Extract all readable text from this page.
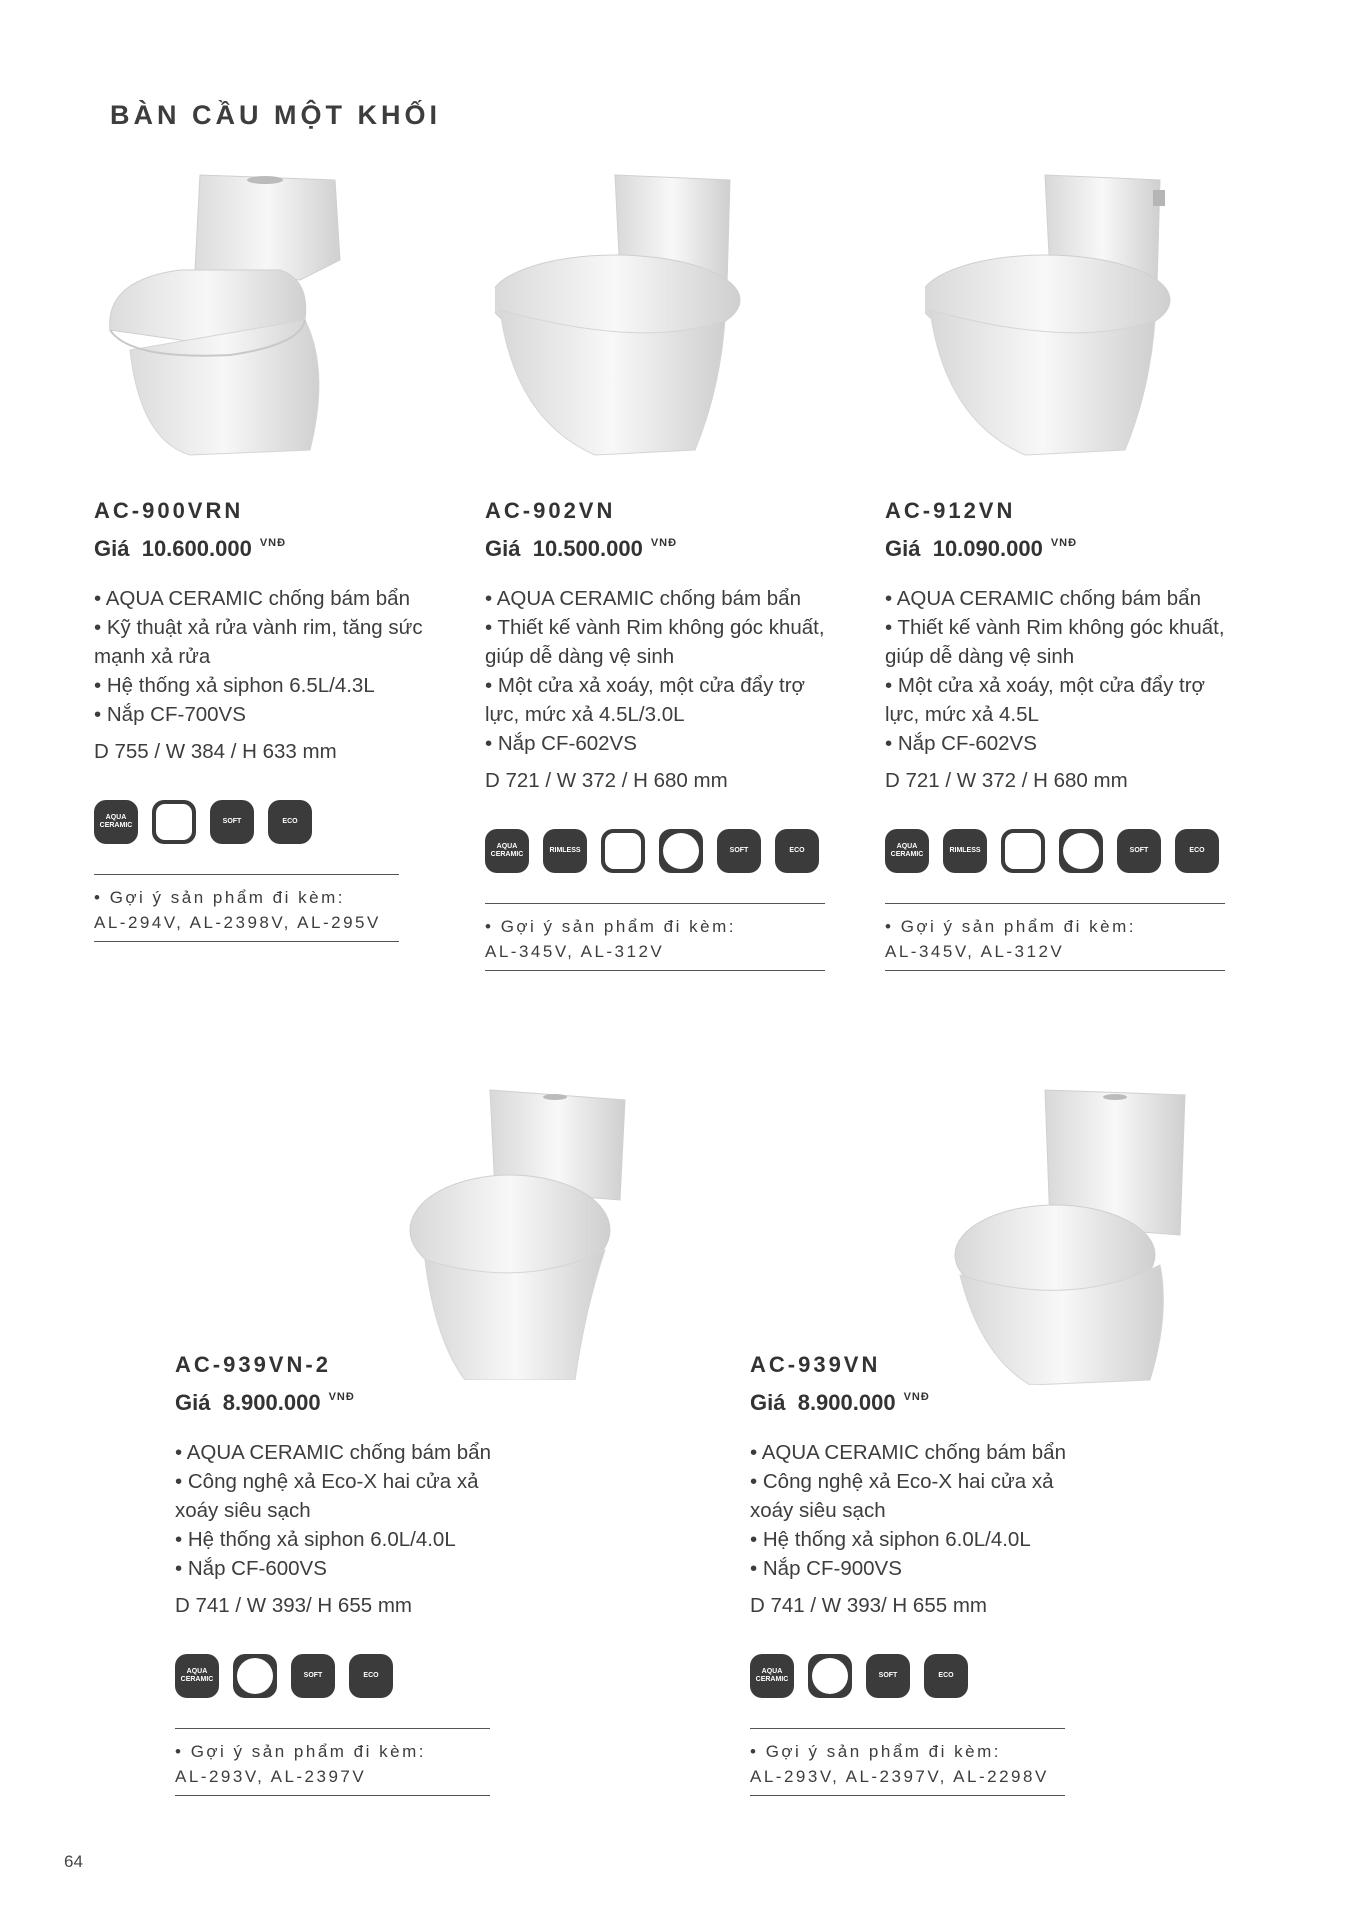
BÀN CẦU MỘT KHỐI

AC-900VRN

Giá 10.600.000 $^{VNĐ}$

• AQUA CERAMIC chống bám bẩn
• Kỹ thuật xả rửa vành rim, tăng sức mạnh xả rửa
• Hệ thống xả siphon 6.5L/4.3L
• Nắp CF-700VS

D 755 / W 384 / H 633 mm

AQUA
CERAMIC
SOFT	ECO
• Gợi ý sản phẩm đi kèm:
AL-294V, AL-2398V, AL-295V

AC-902VN

Giá 10.500.000 $^{VNĐ}$

• AQUA CERAMIC chống bám bẩn
• Thiết kế vành Rim không góc khuất, giúp dễ dàng vệ sinh
• Một cửa xả xoáy, một cửa đẩy trợ lực, mức xả 4.5L/3.0L
• Nắp CF-602VS

D 721 / W 372 / H 680 mm

AQUA
CERAMIC
RIMLESS	SOFT	ECO
• Gợi ý sản phẩm đi kèm:
AL-345V, AL-312V

AC-912VN

Giá 10.090.000 $^{VNĐ}$

• AQUA CERAMIC chống bám bẩn
• Thiết kế vành Rim không góc khuất, giúp dễ dàng vệ sinh
• Một cửa xả xoáy, một cửa đẩy trợ lực, mức xả 4.5L
• Nắp CF-602VS

D 721 / W 372 / H 680 mm

AQUA
CERAMIC
RIMLESS	SOFT	ECO
• Gợi ý sản phẩm đi kèm:
AL-345V, AL-312V

AC-939VN-2

Giá 8.900.000 $^{VNĐ}$

• AQUA CERAMIC chống bám bẩn
• Công nghệ xả Eco-X hai cửa xả xoáy siêu sạch
• Hệ thống xả siphon 6.0L/4.0L
• Nắp CF-600VS

D 741 / W 393/ H 655 mm

AQUA
CERAMIC
SOFT	ECO
• Gợi ý sản phẩm đi kèm:
AL-293V, AL-2397V

AC-939VN

Giá 8.900.000 $^{VNĐ}$

• AQUA CERAMIC chống bám bẩn
• Công nghệ xả Eco-X hai cửa xả xoáy siêu sạch
• Hệ thống xả siphon 6.0L/4.0L
• Nắp CF-900VS

D 741 / W 393/ H 655 mm

AQUA
CERAMIC
SOFT	ECO
• Gợi ý sản phẩm đi kèm:
AL-293V, AL-2397V, AL-2298V
64
